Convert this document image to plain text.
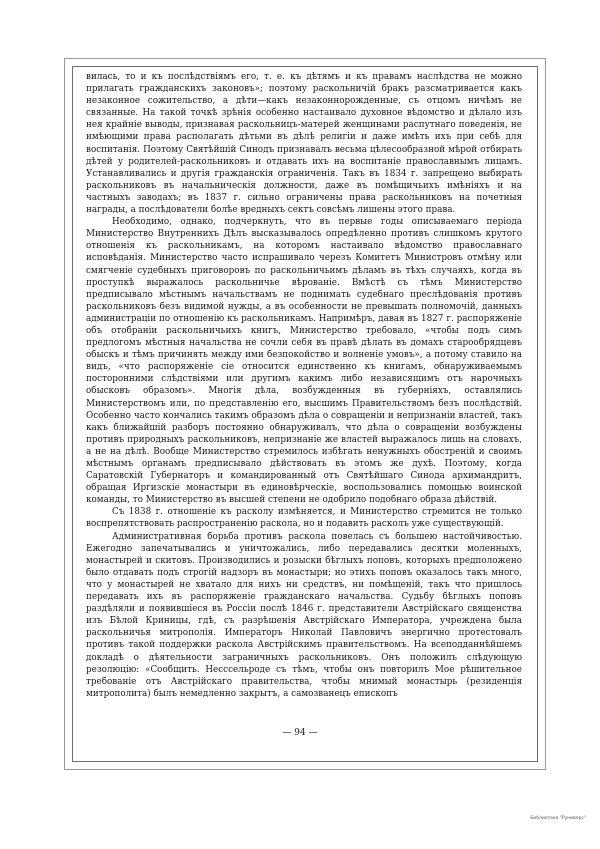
вилась, то и къ послѣдствіямъ его, т. е. къ дѣтямъ и къ правамъ наслѣдства не можно прилагать гражданскихъ законовъ»; поэтому раскольничій бракъ разсматривается какъ незаконное сожительство, а дѣти—какъ незаконнорожденные, съ отцомъ ничѣмъ не связанные. На такой точкѣ зрѣнія особенно настаивало духовное вѣдомство и дѣлало изъ нея крайніе выводы, признавая раскольницъ-матерей женщинами распутнаго поведенія, не имѣющими права располагать дѣтьми въ дѣлѣ религіи и даже имѣть ихъ при себѣ для воспитанія. Поэтому Святѣйшій Синодъ признавалъ весьма цѣлесообразной мѣрой отбирать дѣтей у родителей-раскольниковъ и отдавать ихъ на воспитаніе православнымъ лицамъ. Устанавливались и другія гражданскія ограниченія. Такъ въ 1834 г. запрещено выбирать раскольниковъ въ начальническія должности, даже въ помѣщичьихъ имѣніяхъ и на частныхъ заводахъ; въ 1837 г. сильно ограничены права раскольниковъ на почетныя награды, а послѣдователи болѣе вредныхъ сектъ совсѣмъ лишены этого права.

Необходимо, однако, подчеркнуть, что въ первые годы описываемаго періода Министерство Внутреннихъ Дѣлъ высказывалось опредѣленно противъ слишкомъ крутого отношенія къ раскольникамъ, на которомъ настаивало вѣдомство православнаго исповѣданія. Министерство часто испрашивало черезъ Комитетъ Министровъ отмѣну или смягченіе судебныхъ приговоровъ по раскольничьимъ дѣламъ въ тѣхъ случаяхъ, когда въ проступкѣ выражалось раскольничье вѣрованіе. Вмѣстѣ съ тѣмъ Министерство предписывало мѣстнымъ начальствамъ не поднимать судебнаго преслѣдованія противъ раскольниковъ безъ видимой нужды, а въ особенности не превышать полномочій, данныхъ администраціи по отношенію къ раскольникамъ. Напримѣръ, давая въ 1827 г. распоряженіе объ отобраніи раскольничьихъ книгъ, Министерство требовало, «чтобы подъ симъ предлогомъ мѣстныя начальства не сочли себя въ правѣ дѣлать въ домахъ старообрядцевъ обыскъ и тѣмъ причинять между ими безпокойство и волненіе умовъ», а потому ставило на видъ, «что распоряженіе сіе относится единственно къ книгамъ, обнаруживаемымъ посторонними слѣдствіями или другимъ какимъ либо независящимъ отъ нарочныхъ обысковъ образомъ». Многія дѣла, возбужденныя въ губерніяхъ, оставлялись Министерствомъ или, по представленію его, высшимъ Правительствомъ безъ послѣдствій. Особенно часто кончались такимъ образомъ дѣла о совращеніи и непризнаніи властей, такъ какъ ближайшій разборъ постоянно обнаруживалъ, что дѣла о совращеніи возбуждены противъ природныхъ раскольниковъ, непризнаніе же властей выражалось лишь на словахъ, а не на дѣлѣ. Вообще Министерство стремилось избѣгать ненужныхъ обостреній и своимъ мѣстнымъ органамъ предписывало дѣйствовать въ этомъ же духѣ. Поэтому, когда Саратовскій Губернаторъ и командированный отъ Святѣйшаго Синода архимандритъ, обращая Иргизскіе монастыри въ единовѣрческіе, воспользовались помощью воинской команды, то Министерство въ высшей степени не одобрило подобнаго образа дѣйствій.

Съ 1838 г. отношеніе къ расколу измѣняется, и Министерство стремится не только воспрепятствовать распространенію раскола, но и подавить расколъ уже существующій.

Административная борьба противъ раскола повелась съ большею настойчивостью. Ежегодно запечатывались и уничтожались, либо передавались десятки моленныхъ, монастырей и скитовъ. Производились и розыски бѣглыхъ поповъ, которыхъ предположено было отдавать подъ строгій надзоръ въ монастыри; но этихъ поповъ оказалось такъ много, что у монастырей не хватало для нихъ ни средствъ, ни помѣщеній, такъ что пришлось передавать ихъ въ распоряженіе гражданскаго начальства. Судьбу бѣглыхъ поповъ раздѣляли и появившіеся въ Россіи послѣ 1846 г. представители Австрійскаго священства изъ Бѣлой Криницы, гдѣ, съ разрѣшенія Австрійскаго Императора, учреждена была раскольничья митрополія. Императоръ Николай Павловичъ энергично протестовалъ противъ такой поддержки раскола Австрійскимъ правительствомъ. На всеподданнѣйшемъ докладѣ о дѣятельности заграничныхъ раскольниковъ. Онъ положилъ слѣдующую резолюцію: «Сообщить. Несссельроде съ тѣмъ, чтобы онъ повторилъ Мое рѣшительное требованіе отъ Австрійскаго правительства, чтобы мнимый монастырь (резиденція митрополита) былъ немедленно закрытъ, а самозванецъ епископъ

— 94 —
Библиотека "Руниверс"
